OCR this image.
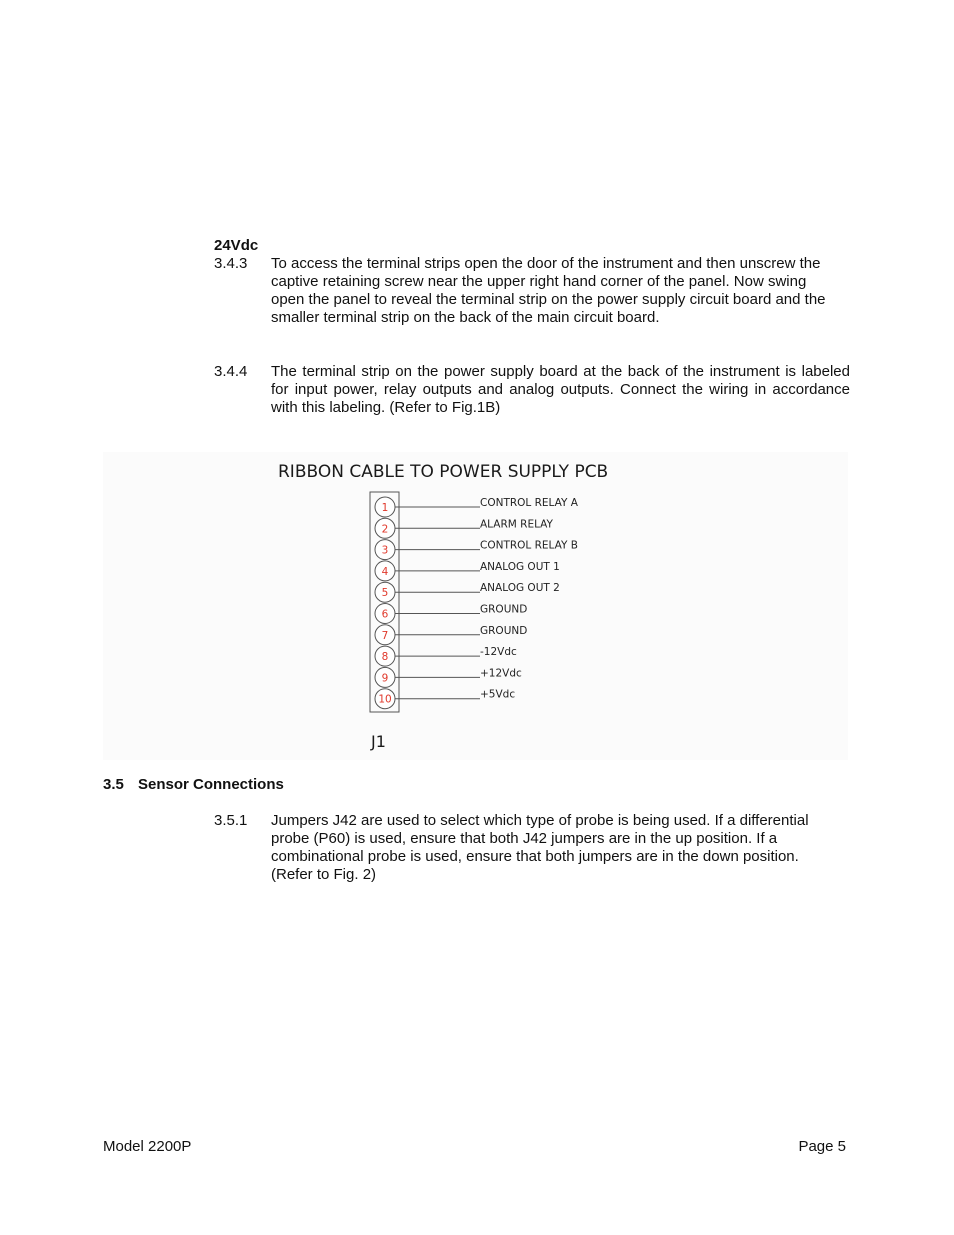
24Vdc
3.4.3 To access the terminal strips open the door of the instrument and then unscrew the
captive retaining screw near the upper right hand corner of the panel. Now swing
open the panel to reveal the terminal strip on the power supply circuit board and the
smaller terminal strip on the back of the main circuit board.
3.4.4 The terminal strip on the power supply board at the back of the instrument is labeled for input power, relay outputs and analog outputs. Connect the wiring in accordance with this labeling. (Refer to Fig.1B)
RIBBON CABLE TO POWER SUPPLY PCB
1	CONTROL RELAY A
2	ALARM RELAY
3	CONTROL RELAY B
4	ANALOG OUT 1
5	ANALOG OUT 2
6	GROUND
7	GROUND
8	-12Vdc
9	+12Vdc
10	+5Vdc
J1
3.5 Sensor Connections
3.5.1 Jumpers J42 are used to select which type of probe is being used. If a differential
probe (P60) is used, ensure that both J42 jumpers are in the up position. If a
combinational probe is used, ensure that both jumpers are in the down position.
(Refer to Fig. 2)
Model 2200P	Page 5
